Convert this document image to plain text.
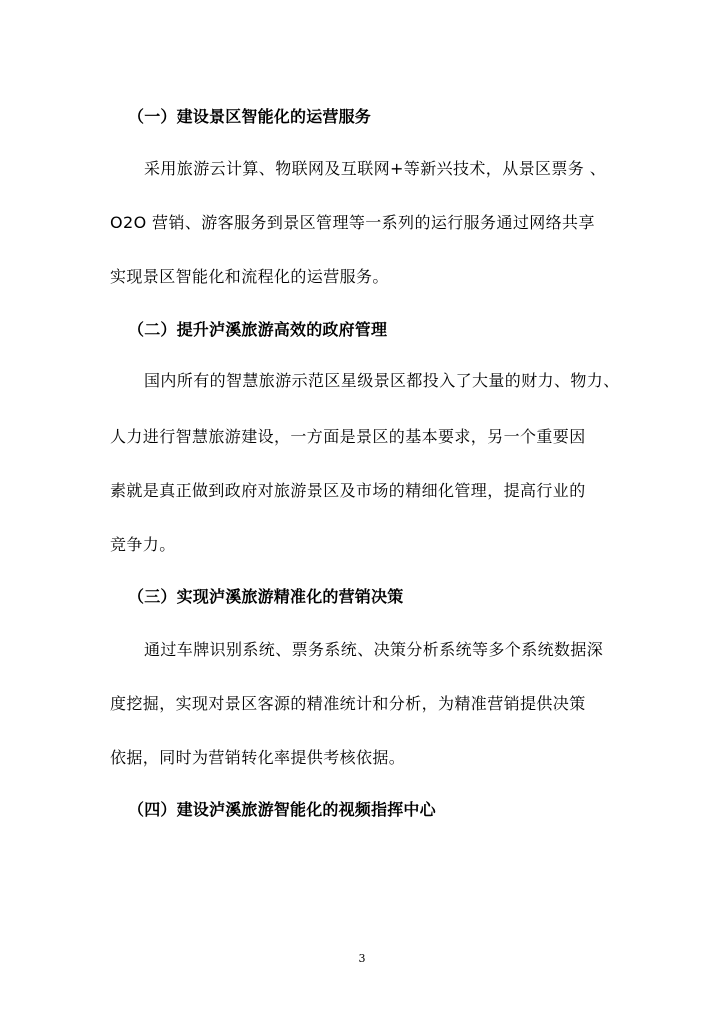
（一）建设景区智能化的运营服务
采用旅游云计算、物联网及互联网+等新兴技术，从景区票务 、
O2O 营销、游客服务到景区管理等一系列的运行服务通过网络共享
实现景区智能化和流程化的运营服务。
（二）提升泸溪旅游高效的政府管理
国内所有的智慧旅游示范区星级景区都投入了大量的财力、物力、
人力进行智慧旅游建设，一方面是景区的基本要求，另一个重要因
素就是真正做到政府对旅游景区及市场的精细化管理，提高行业的
竞争力。
（三）实现泸溪旅游精准化的营销决策
通过车牌识别系统、票务系统、决策分析系统等多个系统数据深
度挖掘，实现对景区客源的精准统计和分析，为精准营销提供决策
依据，同时为营销转化率提供考核依据。
（四）建设泸溪旅游智能化的视频指挥中心
3
